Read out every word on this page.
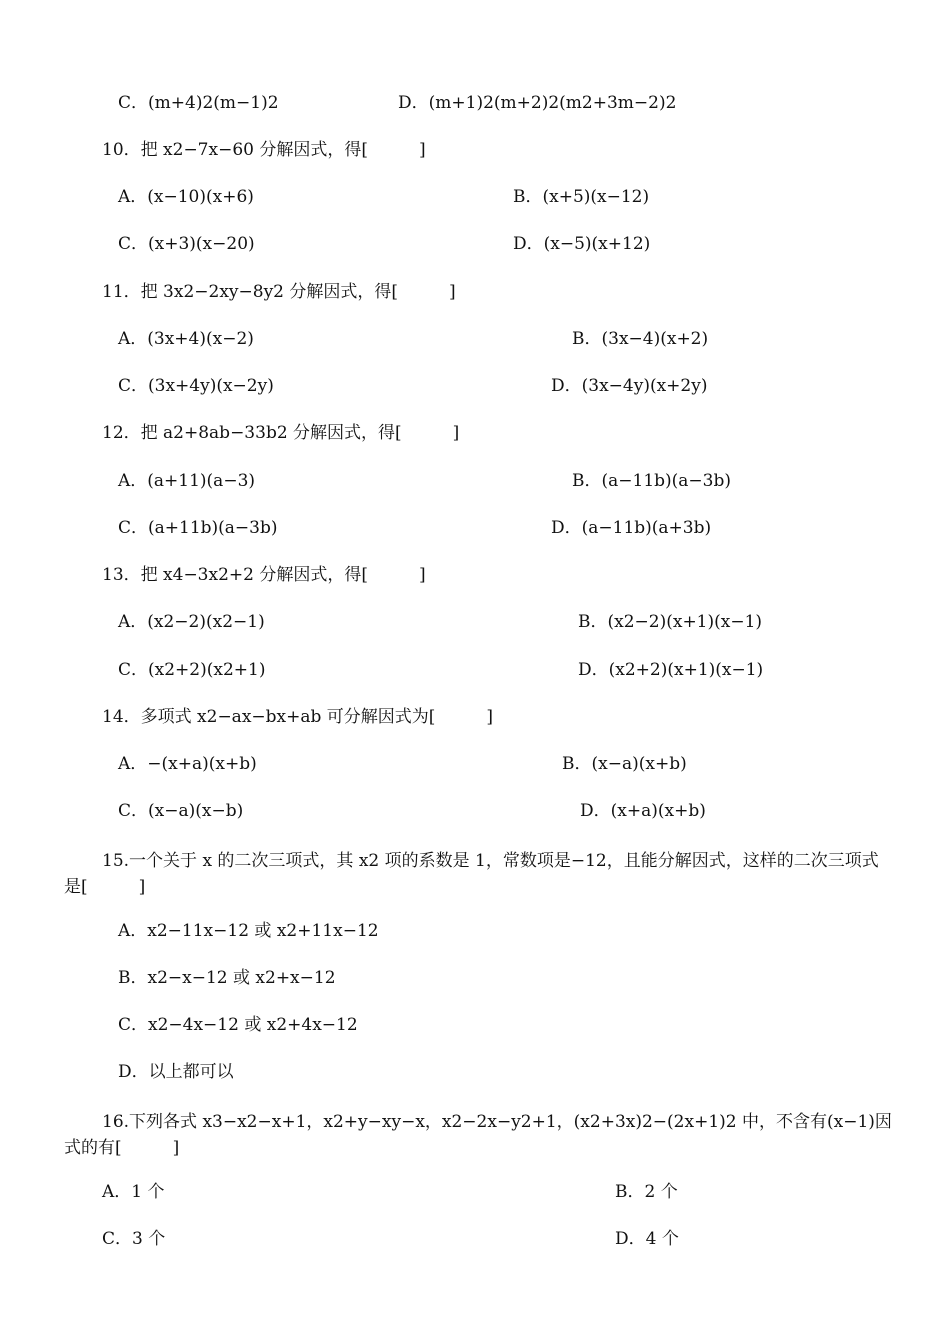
C．(m+4)2(m−1)2	D．(m+1)2(m+2)2(m2+3m−2)2
10．把 x2−7x−60 分解因式，得[　　　]
A．(x−10)(x+6)	B．(x+5)(x−12)
C．(x+3)(x−20)	D．(x−5)(x+12)
11．把 3x2−2xy−8y2 分解因式，得[　　　]
A．(3x+4)(x−2)	B．(3x−4)(x+2)
C．(3x+4y)(x−2y)	D．(3x−4y)(x+2y)
12．把 a2+8ab−33b2 分解因式，得[　　　]
A．(a+11)(a−3)	B．(a−11b)(a−3b)
C．(a+11b)(a−3b)	D．(a−11b)(a+3b)
13．把 x4−3x2+2 分解因式，得[　　　]
A．(x2−2)(x2−1)	B．(x2−2)(x+1)(x−1)
C．(x2+2)(x2+1)	D．(x2+2)(x+1)(x−1)
14．多项式 x2−ax−bx+ab 可分解因式为[　　　]
A．−(x+a)(x+b)	B．(x−a)(x+b)
C．(x−a)(x−b)	D．(x+a)(x+b)
15.一个关于 x 的二次三项式，其 x2 项的系数是 1，常数项是−12，且能分解因式，这样的二次三项式是[　　　]
A．x2−11x−12 或 x2+11x−12
B．x2−x−12 或 x2+x−12
C．x2−4x−12 或 x2+4x−12
D．以上都可以
16.下列各式 x3−x2−x+1，x2+y−xy−x，x2−2x−y2+1，(x2+3x)2−(2x+1)2 中，不含有(x−1)因式的有[　　　]
A．1 个	B．2 个
C．3 个	D．4 个
